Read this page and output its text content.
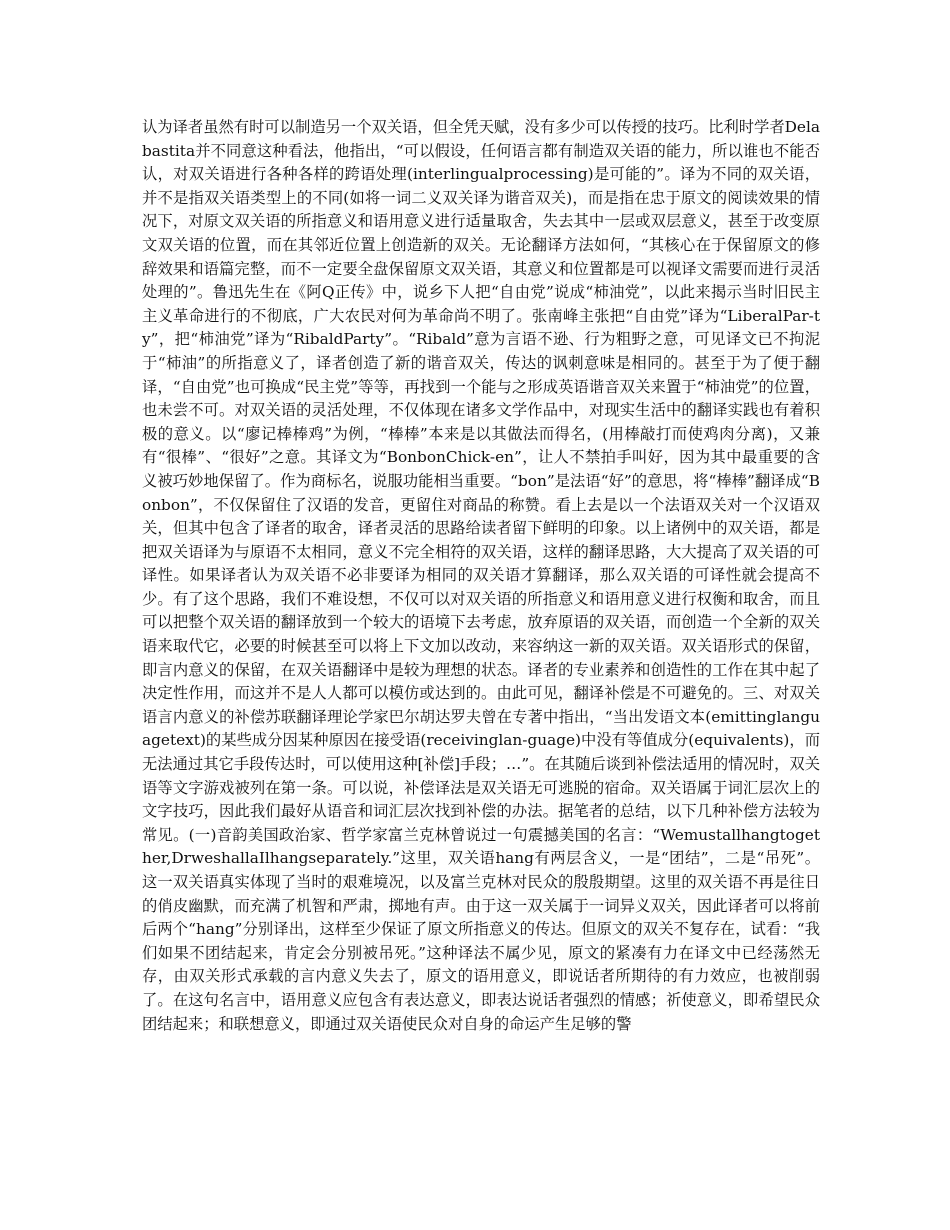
认为译者虽然有时可以制造另一个双关语，但全凭天赋，没有多少可以传授的技巧。比利时学者Delabastita并不同意这种看法，他指出，“可以假设，任何语言都有制造双关语的能力，所以谁也不能否认，对双关语进行各种各样的跨语处理(interlingualprocessing)是可能的”。译为不同的双关语，并不是指双关语类型上的不同(如将一词二义双关译为谐音双关)，而是指在忠于原文的阅读效果的情况下，对原文双关语的所指意义和语用意义进行适量取舍，失去其中一层或双层意义，甚至于改变原文双关语的位置，而在其邻近位置上创造新的双关。无论翻译方法如何，“其核心在于保留原文的修辞效果和语篇完整，而不一定要全盘保留原文双关语，其意义和位置都是可以视译文需要而进行灵活处理的”。鲁迅先生在《阿Q正传》中，说乡下人把“自由党”说成“柿油党”，以此来揭示当时旧民主主义革命进行的不彻底，广大农民对何为革命尚不明了。张南峰主张把“自由党”译为“LiberalPar-ty”，把“柿油党”译为“RibaldParty”。“Ribald”意为言语不逊、行为粗野之意，可见译文已不拘泥于“柿油”的所指意义了，译者创造了新的谐音双关，传达的讽刺意味是相同的。甚至于为了便于翻译，“自由党”也可换成“民主党”等等，再找到一个能与之形成英语谐音双关来置于“柿油党”的位置，也未尝不可。对双关语的灵活处理，不仅体现在诸多文学作品中，对现实生活中的翻译实践也有着积极的意义。以“廖记棒棒鸡”为例，“棒棒”本来是以其做法而得名，(用棒敲打而使鸡肉分离)，又兼有“很棒”、“很好”之意。其译文为“BonbonChick-en”，让人不禁拍手叫好，因为其中最重要的含义被巧妙地保留了。作为商标名，说服功能相当重要。“bon”是法语“好”的意思，将“棒棒”翻译成“Bonbon”，不仅保留住了汉语的发音，更留住对商品的称赞。看上去是以一个法语双关对一个汉语双关，但其中包含了译者的取舍，译者灵活的思路给读者留下鲜明的印象。以上诸例中的双关语，都是把双关语译为与原语不太相同，意义不完全相符的双关语，这样的翻译思路，大大提高了双关语的可译性。如果译者认为双关语不必非要译为相同的双关语才算翻译，那么双关语的可译性就会提高不少。有了这个思路，我们不难设想，不仅可以对双关语的所指意义和语用意义进行权衡和取舍，而且可以把整个双关语的翻译放到一个较大的语境下去考虑，放弃原语的双关语，而创造一个全新的双关语来取代它，必要的时候甚至可以将上下文加以改动，来容纳这一新的双关语。双关语形式的保留，即言内意义的保留，在双关语翻译中是较为理想的状态。译者的专业素养和创造性的工作在其中起了决定性作用，而这并不是人人都可以模仿或达到的。由此可见，翻译补偿是不可避免的。三、对双关语言内意义的补偿苏联翻译理论学家巴尔胡达罗夫曾在专著中指出，“当出发语文本(emittinglanguagetext)的某些成分因某种原因在接受语(receivinglan-guage)中没有等值成分(equivalents)，而无法通过其它手段传达时，可以使用这种[补偿]手段；…”。在其随后谈到补偿法适用的情况时，双关语等文字游戏被列在第一条。可以说，补偿译法是双关语无可逃脱的宿命。双关语属于词汇层次上的文字技巧，因此我们最好从语音和词汇层次找到补偿的办法。据笔者的总结，以下几种补偿方法较为常见。(一)音韵美国政治家、哲学家富兰克林曾说过一句震撼美国的名言：“Wemustallhangtogether,DrweshallaIlhangseparately.”这里，双关语hang有两层含义，一是“团结”，二是“吊死”。这一双关语真实体现了当时的艰难境况，以及富兰克林对民众的殷殷期望。这里的双关语不再是往日的俏皮幽默，而充满了机智和严肃，掷地有声。由于这一双关属于一词异义双关，因此译者可以将前后两个“hang”分别译出，这样至少保证了原文所指意义的传达。但原文的双关不复存在，试看：“我们如果不团结起来，肯定会分别被吊死。”这种译法不属少见，原文的紧凑有力在译文中已经荡然无存，由双关形式承载的言内意义失去了，原文的语用意义，即说话者所期待的有力效应，也被削弱了。在这句名言中，语用意义应包含有表达意义，即表达说话者强烈的情感；祈使意义，即希望民众团结起来；和联想意义，即通过双关语使民众对自身的命运产生足够的警
